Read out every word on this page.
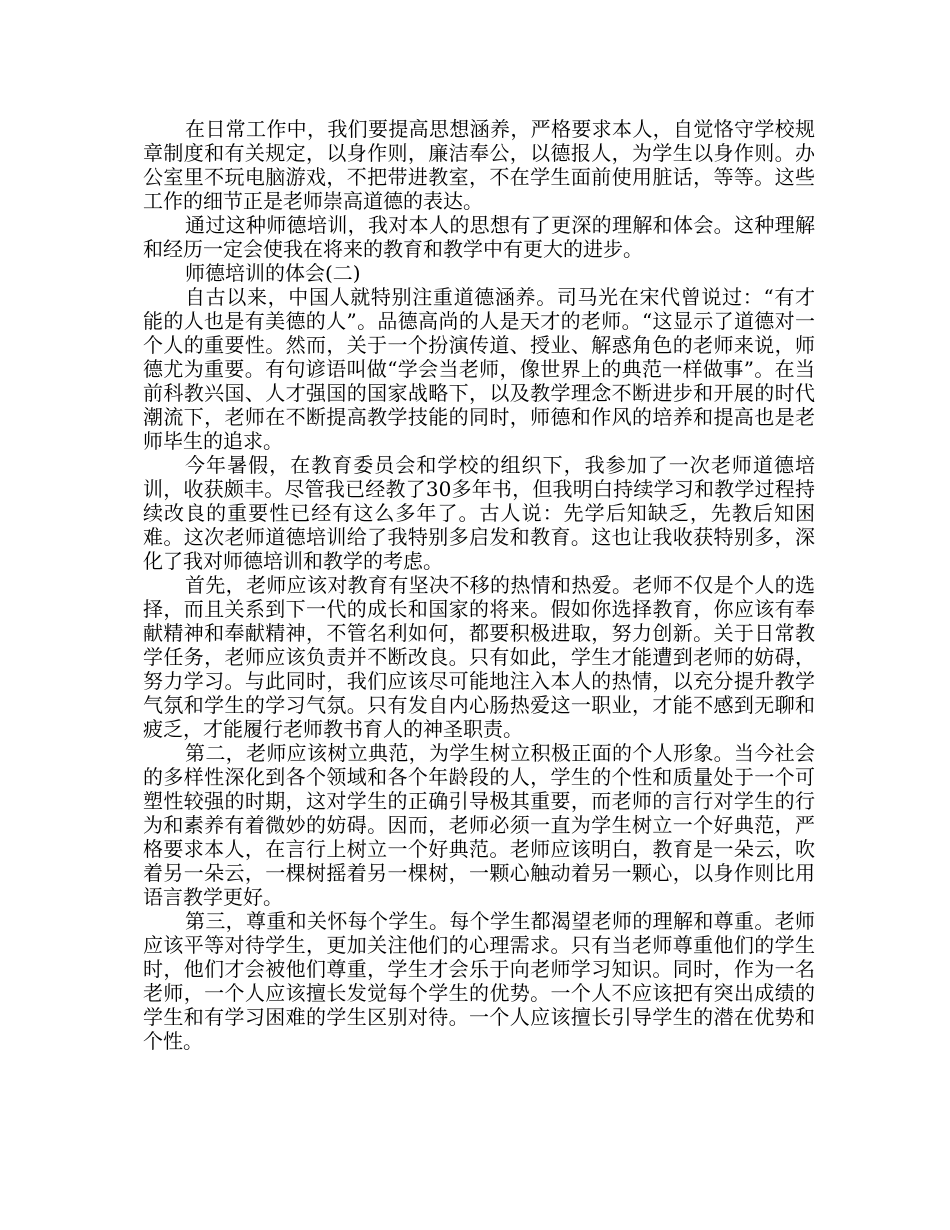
在日常工作中，我们要提高思想涵养，严格要求本人，自觉恪守学校规章制度和有关规定，以身作则，廉洁奉公，以德报人，为学生以身作则。办公室里不玩电脑游戏，不把带进教室，不在学生面前使用脏话，等等。这些工作的细节正是老师崇高道德的表达。

通过这种师德培训，我对本人的思想有了更深的理解和体会。这种理解和经历一定会使我在将来的教育和教学中有更大的进步。

师德培训的体会(二)

自古以来，中国人就特别注重道德涵养。司马光在宋代曾说过：“有才能的人也是有美德的人”。品德高尚的人是天才的老师。“这显示了道德对一个人的重要性。然而，关于一个扮演传道、授业、解惑角色的老师来说，师德尤为重要。有句谚语叫做“学会当老师，像世界上的典范一样做事”。在当前科教兴国、人才强国的国家战略下，以及教学理念不断进步和开展的时代潮流下，老师在不断提高教学技能的同时，师德和作风的培养和提高也是老师毕生的追求。

今年暑假，在教育委员会和学校的组织下，我参加了一次老师道德培训，收获颇丰。尽管我已经教了30多年书，但我明白持续学习和教学过程持续改良的重要性已经有这么多年了。古人说：先学后知缺乏，先教后知困难。这次老师道德培训给了我特别多启发和教育。这也让我收获特别多，深化了我对师德培训和教学的考虑。

首先，老师应该对教育有坚决不移的热情和热爱。老师不仅是个人的选择，而且关系到下一代的成长和国家的将来。假如你选择教育，你应该有奉献精神和奉献精神，不管名利如何，都要积极进取，努力创新。关于日常教学任务，老师应该负责并不断改良。只有如此，学生才能遭到老师的妨碍，努力学习。与此同时，我们应该尽可能地注入本人的热情，以充分提升教学气氛和学生的学习气氛。只有发自内心肠热爱这一职业，才能不感到无聊和疲乏，才能履行老师教书育人的神圣职责。

第二，老师应该树立典范，为学生树立积极正面的个人形象。当今社会的多样性深化到各个领域和各个年龄段的人，学生的个性和质量处于一个可塑性较强的时期，这对学生的正确引导极其重要，而老师的言行对学生的行为和素养有着微妙的妨碍。因而，老师必须一直为学生树立一个好典范，严格要求本人，在言行上树立一个好典范。老师应该明白，教育是一朵云，吹着另一朵云，一棵树摇着另一棵树，一颗心触动着另一颗心，以身作则比用语言教学更好。

第三，尊重和关怀每个学生。每个学生都渴望老师的理解和尊重。老师应该平等对待学生，更加关注他们的心理需求。只有当老师尊重他们的学生时，他们才会被他们尊重，学生才会乐于向老师学习知识。同时，作为一名老师，一个人应该擅长发觉每个学生的优势。一个人不应该把有突出成绩的学生和有学习困难的学生区别对待。一个人应该擅长引导学生的潜在优势和个性。
